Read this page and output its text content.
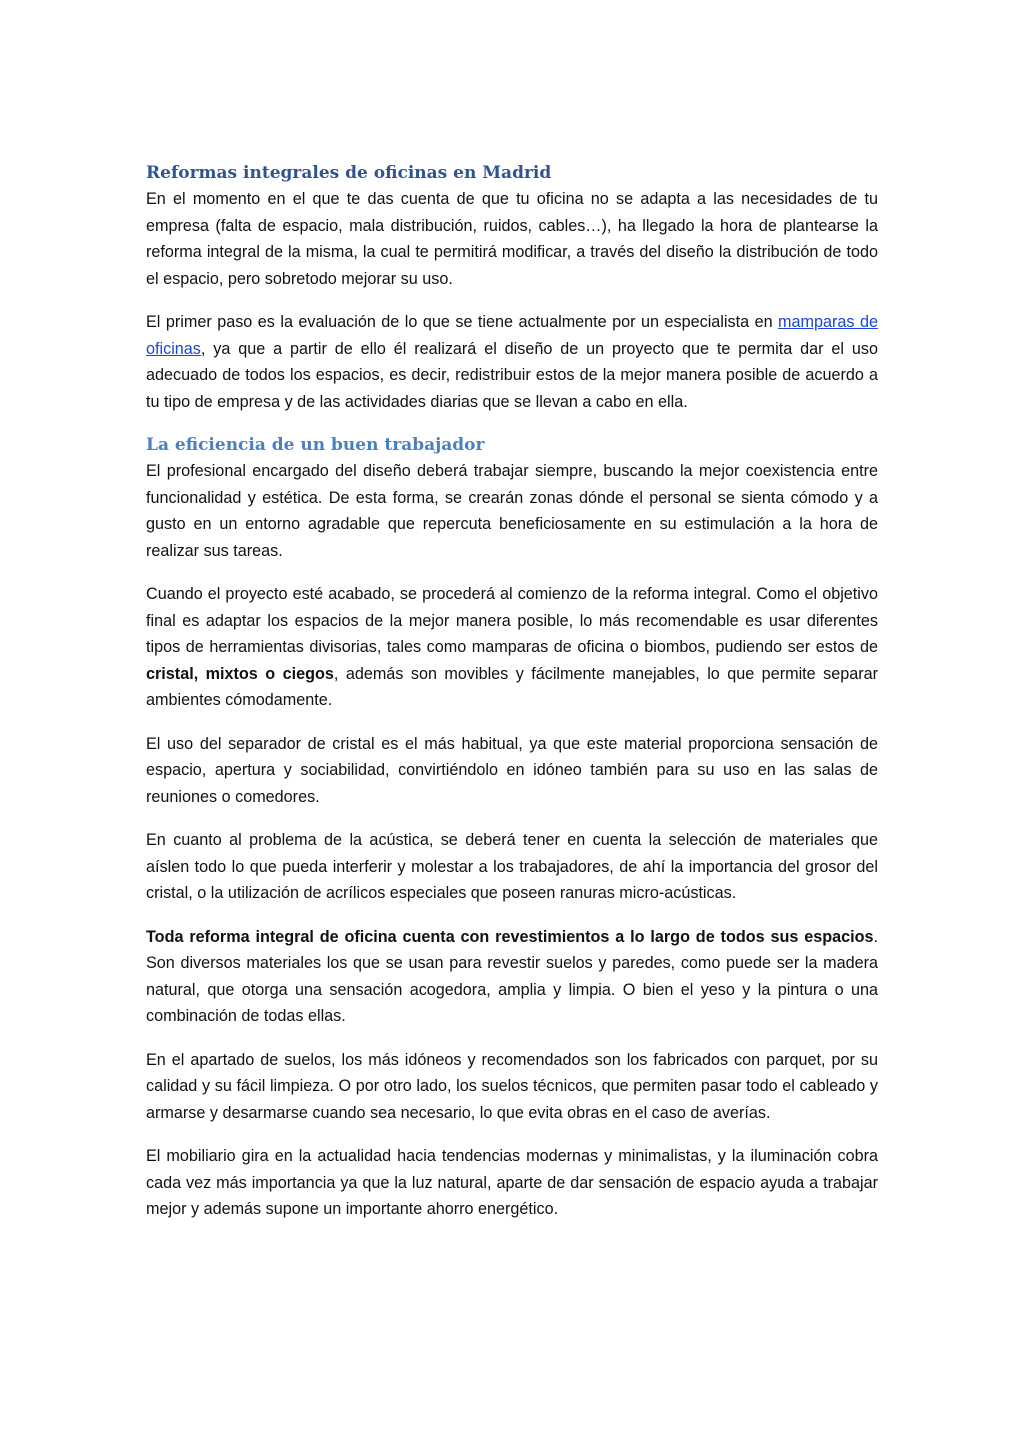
Reformas integrales de oficinas en Madrid

En el momento en el que te das cuenta de que tu oficina no se adapta a las necesidades de tu empresa (falta de espacio, mala distribución, ruidos, cables…), ha llegado la hora de plantearse la reforma integral de la misma, la cual te permitirá modificar, a través del diseño la distribución de todo el espacio, pero sobretodo mejorar su uso.

El primer paso es la evaluación de lo que se tiene actualmente por un especialista en mamparas de oficinas, ya que a partir de ello él realizará el diseño de un proyecto que te permita dar el uso adecuado de todos los espacios, es decir, redistribuir estos de la mejor manera posible de acuerdo a tu tipo de empresa y de las actividades diarias que se llevan a cabo en ella.

La eficiencia de un buen trabajador

El profesional encargado del diseño deberá trabajar siempre, buscando la mejor coexistencia entre funcionalidad y estética. De esta forma, se crearán zonas dónde el personal se sienta cómodo y a gusto en un entorno agradable que repercuta beneficiosamente en su estimulación a la hora de realizar sus tareas.

Cuando el proyecto esté acabado, se procederá al comienzo de la reforma integral. Como el objetivo final es adaptar los espacios de la mejor manera posible, lo más recomendable es usar diferentes tipos de herramientas divisorias, tales como mamparas de oficina o biombos, pudiendo ser estos de cristal, mixtos o ciegos, además son movibles y fácilmente manejables, lo que permite separar ambientes cómodamente.

El uso del separador de cristal es el más habitual, ya que este material proporciona sensación de espacio, apertura y sociabilidad, convirtiéndolo en idóneo también para su uso en las salas de reuniones o comedores.

En cuanto al problema de la acústica, se deberá tener en cuenta la selección de materiales que aíslen todo lo que pueda interferir y molestar a los trabajadores, de ahí la importancia del grosor del cristal, o la utilización de acrílicos especiales que poseen ranuras micro-acústicas.

Toda reforma integral de oficina cuenta con revestimientos a lo largo de todos sus espacios. Son diversos materiales los que se usan para revestir suelos y paredes, como puede ser la madera natural, que otorga una sensación acogedora, amplia y limpia. O bien el yeso y la pintura o una combinación de todas ellas.

En el apartado de suelos, los más idóneos y recomendados son los fabricados con parquet, por su calidad y su fácil limpieza. O por otro lado, los suelos técnicos, que permiten pasar todo el cableado y armarse y desarmarse cuando sea necesario, lo que evita obras en el caso de averías.

El mobiliario gira en la actualidad hacia tendencias modernas y minimalistas, y la iluminación cobra cada vez más importancia ya que la luz natural, aparte de dar sensación de espacio ayuda a trabajar mejor y además supone un importante ahorro energético.
